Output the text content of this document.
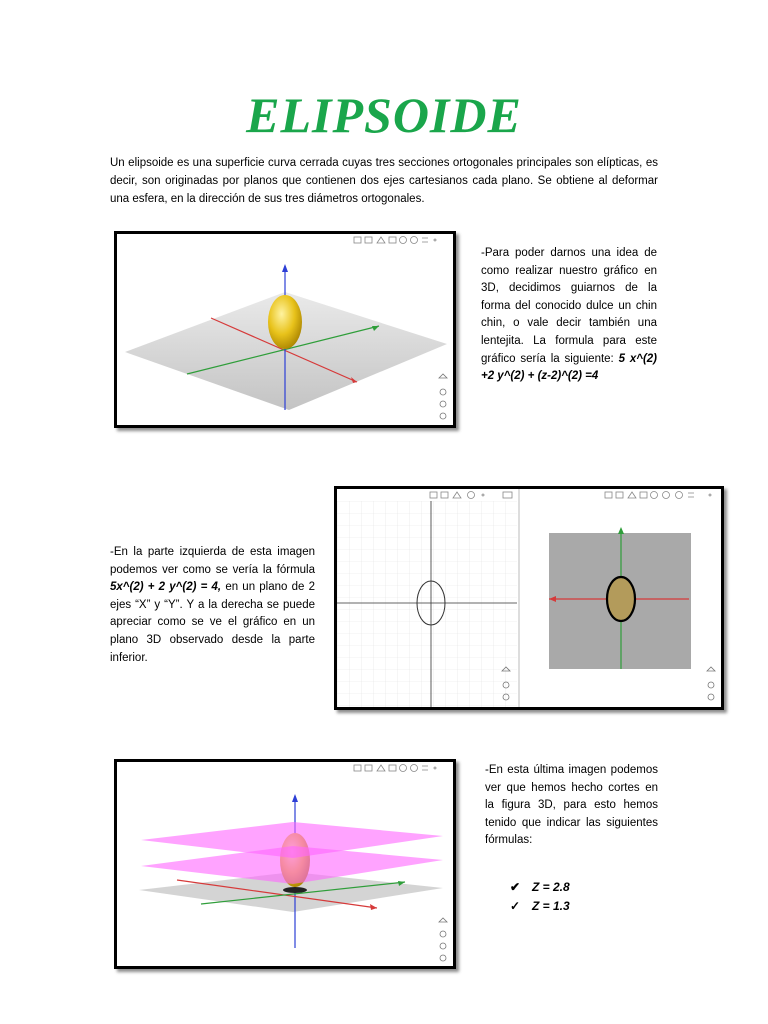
ELIPSOIDE

Un elipsoide es una superficie curva cerrada cuyas tres secciones ortogonales principales son elípticas, es decir, son originadas por planos que contienen dos ejes cartesianos cada plano. Se obtiene al deformar una esfera, en la dirección de sus tres diámetros ortogonales.

-Para poder darnos una idea de como realizar nuestro gráfico en 3D, decidimos guiarnos de la forma del conocido dulce un chin chin, o vale decir también una lentejita. La formula para este gráfico sería la siguiente: 5 x^(2) +2 y^(2) + (z-2)^(2) =4

-En la parte izquierda de esta imagen podemos ver como se vería la fórmula 5x^(2) + 2 y^(2) = 4, en un plano de 2 ejes “X” y “Y”. Y a la derecha se puede apreciar como se ve el gráfico en un plano 3D observado desde la parte inferior.

-En esta última imagen podemos ver que hemos hecho cortes en la figura 3D, para esto hemos tenido que indicar las siguientes fórmulas:

✔ Z = 2.8
✓ Z = 1.3
